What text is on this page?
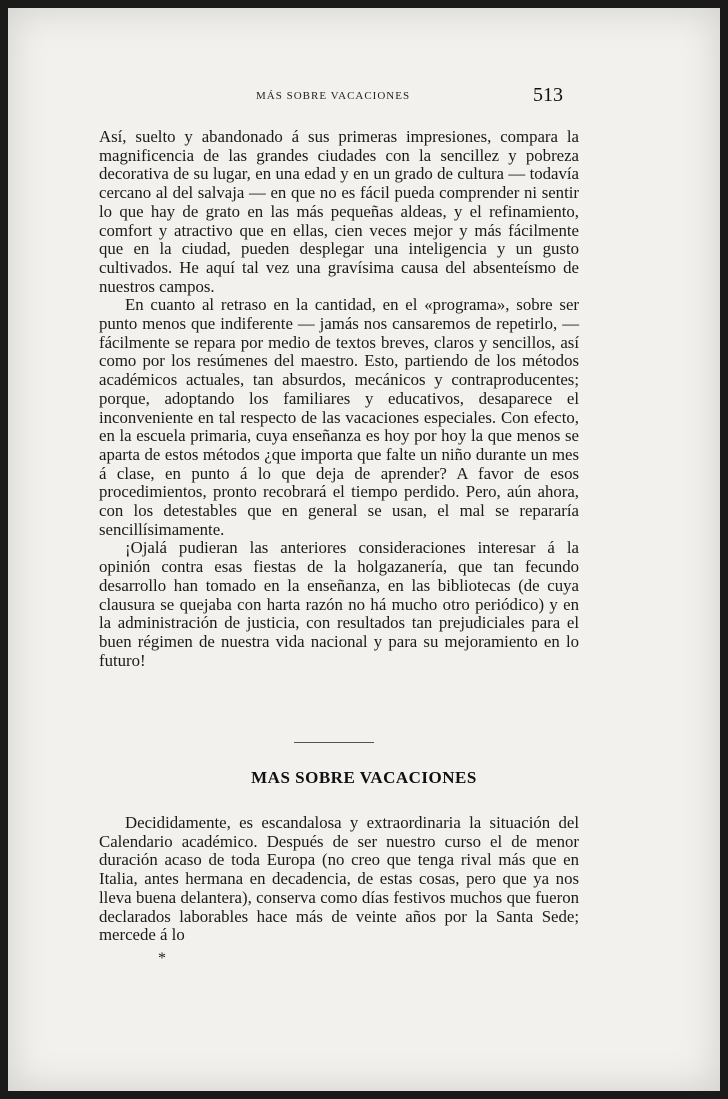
MÁS SOBRE VACACIONES	513

Así, suelto y abandonado á sus primeras impresiones, compara la magnificencia de las grandes ciudades con la sencillez y pobreza decorativa de su lugar, en una edad y en un grado de cultura — todavía cercano al del salvaja — en que no es fácil pueda comprender ni sentir lo que hay de grato en las más pequeñas aldeas, y el refinamiento, comfort y atractivo que en ellas, cien veces mejor y más fácilmente que en la ciudad, pueden desplegar una inteligencia y un gusto cultivados. He aquí tal vez una gravísima causa del absenteísmo de nuestros campos.

En cuanto al retraso en la cantidad, en el «programa», sobre ser punto menos que indiferente — jamás nos cansaremos de repetirlo, — fácilmente se repara por medio de textos breves, claros y sencillos, así como por los resúmenes del maestro. Esto, partiendo de los métodos académicos actuales, tan absurdos, mecánicos y contraproducentes; porque, adoptando los familiares y educativos, desaparece el inconveniente en tal respecto de las vacaciones especiales. Con efecto, en la escuela primaria, cuya enseñanza es hoy por hoy la que menos se aparta de estos métodos ¿que importa que falte un niño durante un mes á clase, en punto á lo que deja de aprender? A favor de esos procedimientos, pronto recobrará el tiempo perdido. Pero, aún ahora, con los detestables que en general se usan, el mal se repararía sencillísimamente.

¡Ojalá pudieran las anteriores consideraciones interesar á la opinión contra esas fiestas de la holgazanería, que tan fecundo desarrollo han tomado en la enseñanza, en las bibliotecas (de cuya clausura se quejaba con harta razón no há mucho otro periódico) y en la administración de justicia, con resultados tan prejudiciales para el buen régimen de nuestra vida nacional y para su mejoramiento en lo futuro!

MAS SOBRE VACACIONES

Decididamente, es escandalosa y extraordinaria la situación del Calendario académico. Después de ser nuestro curso el de menor duración acaso de toda Europa (no creo que tenga rival más que en Italia, antes hermana en decadencia, de estas cosas, pero que ya nos lleva buena delantera), conserva como días festivos muchos que fueron declarados laborables hace más de veinte años por la Santa Sede; mercede á lo

*
